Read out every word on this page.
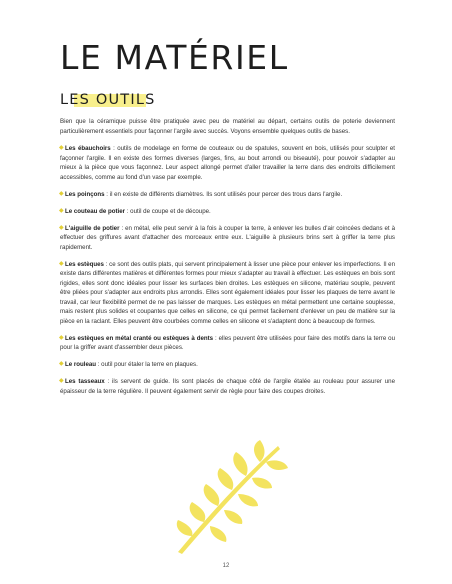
LE MATÉRIEL
LES OUTILS

Bien que la céramique puisse être pratiquée avec peu de matériel au départ, certains outils de poterie deviennent particulièrement essentiels pour façonner l'argile avec succès. Voyons ensemble quelques outils de bases.

◆ Les ébauchoirs : outils de modelage en forme de couteaux ou de spatules, souvent en bois, utilisés pour sculpter et façonner l'argile. Il en existe des formes diverses (larges, fins, au bout arrondi ou biseauté), pour pouvoir s'adapter au mieux à la pièce que vous façonnez. Leur aspect allongé permet d'aller travailler la terre dans des endroits difficilement accessibles, comme au fond d'un vase par exemple.
◆ Les poinçons : il en existe de différents diamètres. Ils sont utilisés pour percer des trous dans l'argile.
◆ Le couteau de potier : outil de coupe et de découpe.
◆ L'aiguille de potier : en métal, elle peut servir à la fois à couper la terre, à enlever les bulles d'air coincées dedans et à effectuer des griffures avant d'attacher des morceaux entre eux. L'aiguille à plusieurs brins sert à griffer la terre plus rapidement.
◆ Les estèques : ce sont des outils plats, qui servent principalement à lisser une pièce pour enlever les imperfections. Il en existe dans différentes matières et différentes formes pour mieux s'adapter au travail à effectuer. Les estèques en bois sont rigides, elles sont donc idéales pour lisser les surfaces bien droites. Les estèques en silicone, matériau souple, peuvent être pliées pour s'adapter aux endroits plus arrondis. Elles sont également idéales pour lisser les plaques de terre avant le travail, car leur flexibilité permet de ne pas laisser de marques. Les estèques en métal permettent une certaine souplesse, mais restent plus solides et coupantes que celles en silicone, ce qui permet facilement d'enlever un peu de matière sur la pièce en la raclant. Elles peuvent être courbées comme celles en silicone et s'adaptent donc à beaucoup de formes.
◆ Les estèques en métal cranté ou estèques à dents : elles peuvent être utilisées pour faire des motifs dans la terre ou pour la griffer avant d'assembler deux pièces.
◆ Le rouleau : outil pour étaler la terre en plaques.
◆ Les tasseaux : ils servent de guide. Ils sont placés de chaque côté de l'argile étalée au rouleau pour assurer une épaisseur de la terre régulière. Il peuvent également servir de règle pour faire des coupes droites.
12
